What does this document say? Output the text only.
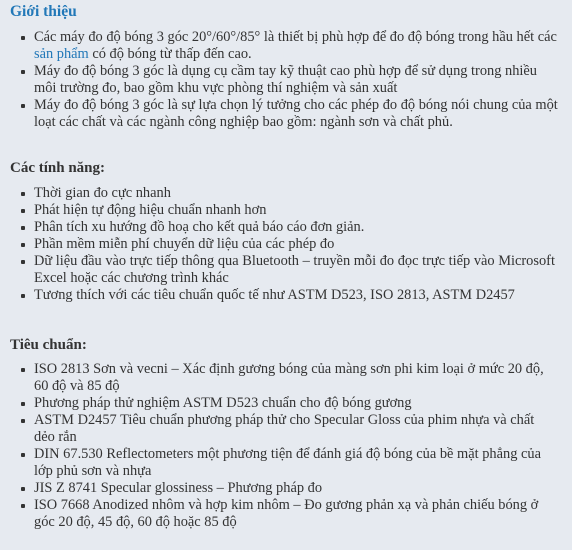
Giới thiệu
Các máy đo độ bóng 3 góc 20°/60°/85° là thiết bị phù hợp để đo độ bóng trong hầu hết các sản phẩm có độ bóng từ thấp đến cao.
Máy đo độ bóng 3 góc là dụng cụ cầm tay kỹ thuật cao phù hợp để sử dụng trong nhiều môi trường đo, bao gồm khu vực phòng thí nghiệm và sản xuất
Máy đo độ bóng 3 góc là sự lựa chọn lý tưởng cho các phép đo độ bóng nói chung của một loạt các chất và các ngành công nghiệp bao gồm: ngành sơn và chất phủ.
Các tính năng:
Thời gian đo cực nhanh
Phát hiện tự động hiệu chuẩn nhanh hơn
Phân tích xu hướng đồ hoạ cho kết quả báo cáo đơn giản.
Phần mềm miễn phí chuyển dữ liệu của các phép đo
Dữ liệu đầu vào trực tiếp thông qua Bluetooth – truyền mỗi đo đọc trực tiếp vào Microsoft Excel hoặc các chương trình khác
Tương thích với các tiêu chuẩn quốc tế như ASTM D523, ISO 2813, ASTM D2457
Tiêu chuẩn:
ISO 2813 Sơn và vecni – Xác định gương bóng của màng sơn phi kim loại ở mức 20 độ, 60 độ và 85 độ
Phương pháp thử nghiệm ASTM D523 chuẩn cho độ bóng gương
ASTM D2457 Tiêu chuẩn phương pháp thử cho Specular Gloss của phim nhựa và chất dẻo rắn
DIN 67.530 Reflectometers một phương tiện để đánh giá độ bóng của bề mặt phẳng của lớp phủ sơn và nhựa
JIS Z 8741 Specular glossiness – Phương pháp đo
ISO 7668 Anodized nhôm và hợp kim nhôm – Đo gương phản xạ và phản chiếu bóng ở góc 20 độ, 45 độ, 60 độ hoặc 85 độ
